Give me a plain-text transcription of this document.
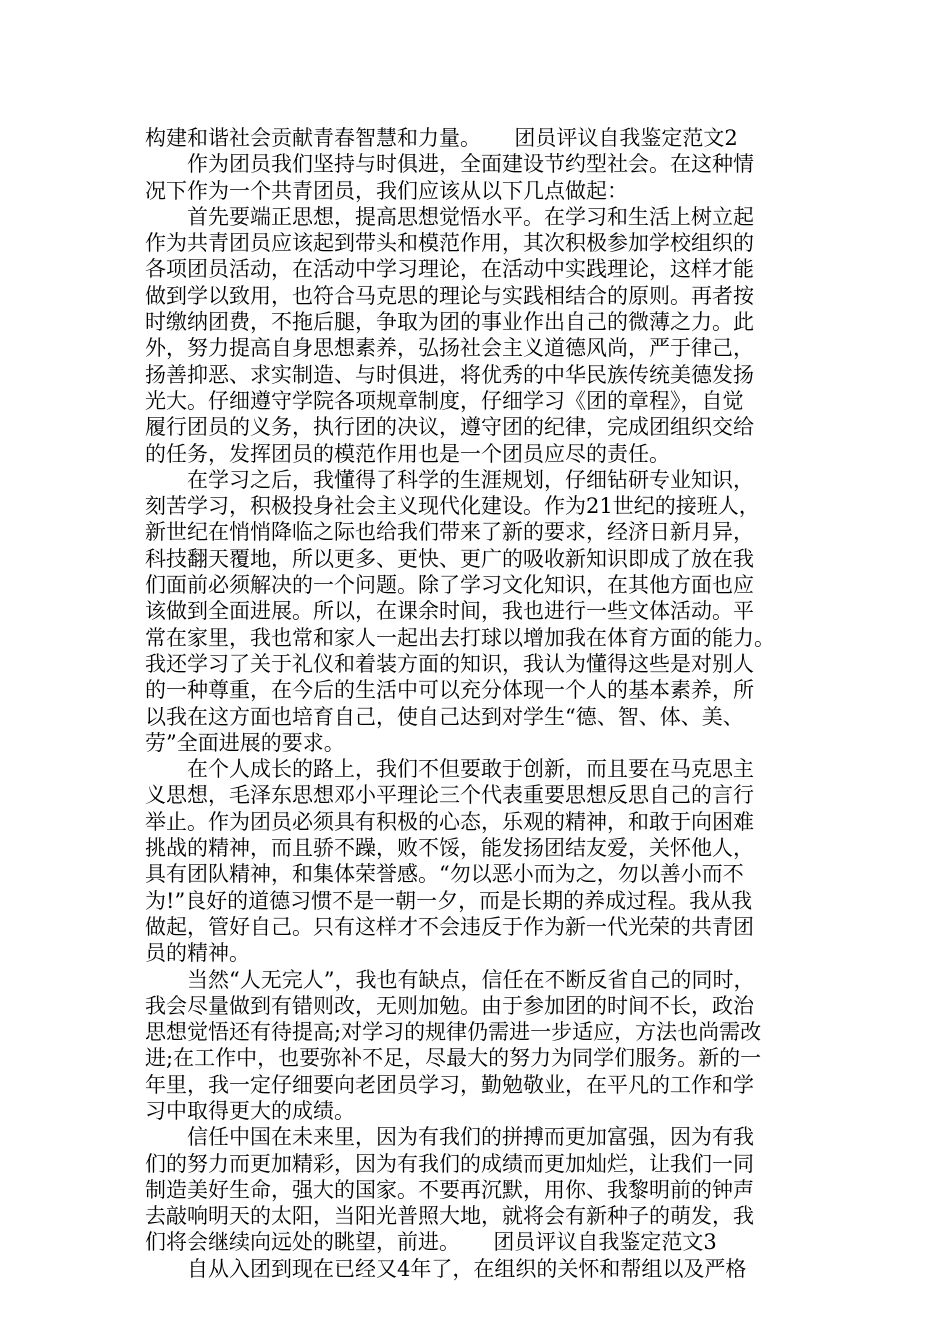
构建和谐社会贡献青春智慧和力量。     团员评议自我鉴定范文2
　　作为团员我们坚持与时俱进，全面建设节约型社会。在这种情
况下作为一个共青团员，我们应该从以下几点做起：
　　首先要端正思想，提高思想觉悟水平。在学习和生活上树立起
作为共青团员应该起到带头和模范作用，其次积极参加学校组织的
各项团员活动，在活动中学习理论，在活动中实践理论，这样才能
做到学以致用，也符合马克思的理论与实践相结合的原则。再者按
时缴纳团费，不拖后腿，争取为团的事业作出自己的微薄之力。此
外，努力提高自身思想素养，弘扬社会主义道德风尚，严于律己，
扬善抑恶、求实制造、与时俱进，将优秀的中华民族传统美德发扬
光大。仔细遵守学院各项规章制度，仔细学习《团的章程》，自觉
履行团员的义务，执行团的决议，遵守团的纪律，完成团组织交给
的任务，发挥团员的模范作用也是一个团员应尽的责任。
　　在学习之后，我懂得了科学的生涯规划，仔细钻研专业知识，
刻苦学习，积极投身社会主义现代化建设。作为21世纪的接班人，
新世纪在悄悄降临之际也给我们带来了新的要求，经济日新月异，
科技翻天覆地，所以更多、更快、更广的吸收新知识即成了放在我
们面前必须解决的一个问题。除了学习文化知识，在其他方面也应
该做到全面进展。所以，在课余时间，我也进行一些文体活动。平
常在家里，我也常和家人一起出去打球以增加我在体育方面的能力。
我还学习了关于礼仪和着装方面的知识，我认为懂得这些是对别人
的一种尊重，在今后的生活中可以充分体现一个人的基本素养，所
以我在这方面也培育自己，使自己达到对学生“德、智、体、美、
劳”全面进展的要求。
　　在个人成长的路上，我们不但要敢于创新，而且要在马克思主
义思想，毛泽东思想邓小平理论三个代表重要思想反思自己的言行
举止。作为团员必须具有积极的心态，乐观的精神，和敢于向困难
挑战的精神，而且骄不躁，败不馁，能发扬团结友爱，关怀他人，
具有团队精神，和集体荣誉感。“勿以恶小而为之，勿以善小而不
为!”良好的道德习惯不是一朝一夕，而是长期的养成过程。我从我
做起，管好自己。只有这样才不会违反于作为新一代光荣的共青团
员的精神。
　　当然“人无完人”，我也有缺点，信任在不断反省自己的同时，
我会尽量做到有错则改，无则加勉。由于参加团的时间不长，政治
思想觉悟还有待提高;对学习的规律仍需进一步适应，方法也尚需改
进;在工作中，也要弥补不足，尽最大的努力为同学们服务。新的一
年里，我一定仔细要向老团员学习，勤勉敬业，在平凡的工作和学
习中取得更大的成绩。
　　信任中国在未来里，因为有我们的拼搏而更加富强，因为有我
们的努力而更加精彩，因为有我们的成绩而更加灿烂，让我们一同
制造美好生命，强大的国家。不要再沉默，用你、我黎明前的钟声
去敲响明天的太阳，当阳光普照大地，就将会有新种子的萌发，我
们将会继续向远处的眺望，前进。     团员评议自我鉴定范文3
　　自从入团到现在已经又4年了，在组织的关怀和帮组以及严格
